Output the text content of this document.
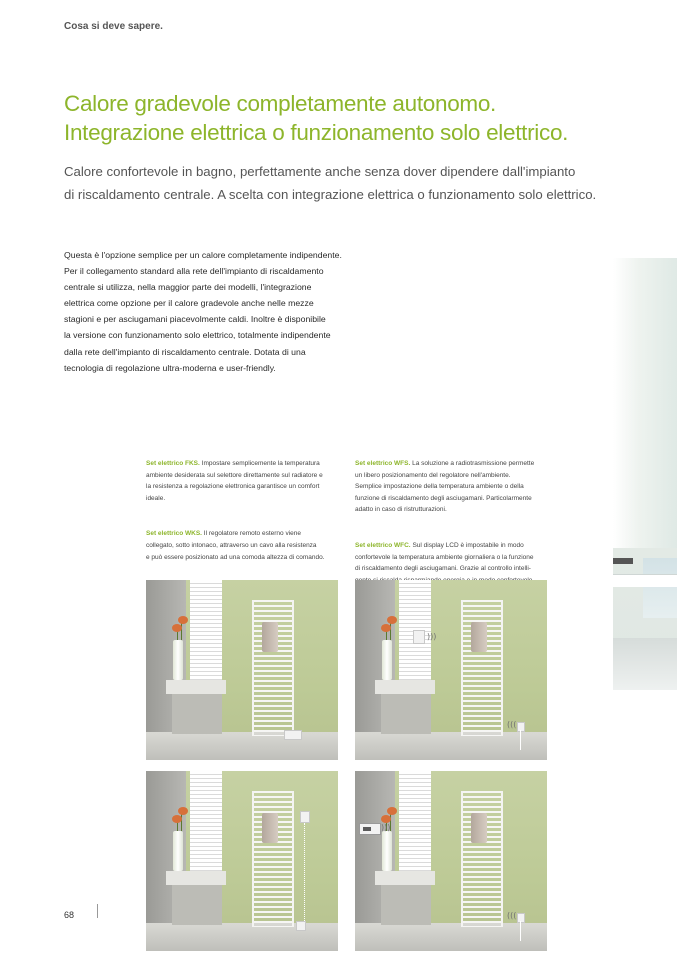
Cosa si deve sapere.
Calore gradevole completamente autonomo.
Integrazione elettrica o funzionamento solo elettrico.
Calore confortevole in bagno, perfettamente anche senza dover dipendere dall'impianto
di riscaldamento centrale. A scelta con integrazione elettrica o funzionamento solo elettrico.
Questa è l'opzione semplice per un calore completamente indipendente.
Per il collegamento standard alla rete dell'impianto di riscaldamento
centrale si utilizza, nella maggior parte dei modelli, l'integrazione
elettrica come opzione per il calore gradevole anche nelle mezze
stagioni e per asciugamani piacevolmente caldi. Inoltre è disponibile
la versione con funzionamento solo elettrico, totalmente indipendente
dalla rete dell'impianto di riscaldamento centrale. Dotata di una
tecnologia di regolazione ultra-moderna e user-friendly.

Set elettrico FKS. Impostare semplicemente la temperatura
ambiente desiderata sul selettore direttamente sul radiatore e
la resistenza a regolazione elettronica garantisce un comfort
ideale.

Set elettrico WKS. Il regolatore remoto esterno viene
collegato, sotto intonaco, attraverso un cavo alla resistenza
e può essere posizionato ad una comoda altezza di comando.

Set elettrico WFS. La soluzione a radiotrasmissione permette
un libero posizionamento del regolatore nell'ambiente.
Semplice impostazione della temperatura ambiente o della
funzione di riscaldamento degli asciugamani. Particolarmente
adatto in caso di ristrutturazioni.

Set elettrico WFC. Sul display LCD è impostabile in modo
confortevole la temperatura ambiente giornaliera o la funzione
di riscaldamento degli asciugamani. Grazie al controllo intelli-

)))
(((
)))
(((
68
